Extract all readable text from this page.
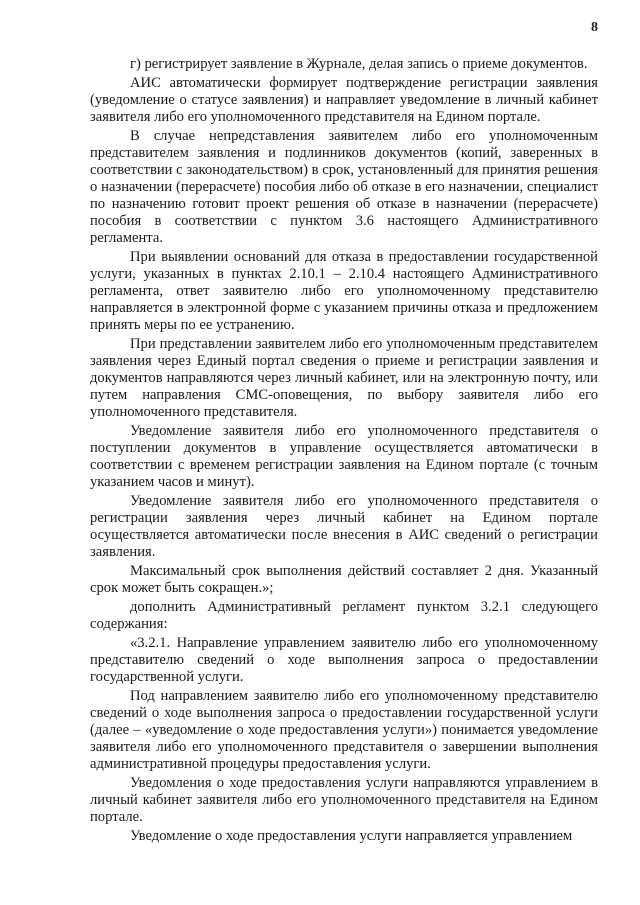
8

г) регистрирует заявление в Журнале, делая запись о приеме документов.

АИС автоматически формирует подтверждение регистрации заявления (уведомление о статусе заявления) и направляет уведомление в личный кабинет заявителя либо его уполномоченного представителя на Едином портале.

В случае непредставления заявителем либо его уполномоченным представителем заявления и подлинников документов (копий, заверенных в соответствии с законодательством) в срок, установленный для принятия решения о назначении (перерасчете) пособия либо об отказе в его назначении, специалист по назначению готовит проект решения об отказе в назначении (перерасчете) пособия в соответствии с пунктом 3.6 настоящего Административного регламента.

При выявлении оснований для отказа в предоставлении государственной услуги, указанных в пунктах 2.10.1 – 2.10.4 настоящего Административного регламента, ответ заявителю либо его уполномоченному представителю направляется в электронной форме с указанием причины отказа и предложением принять меры по ее устранению.

При представлении заявителем либо его уполномоченным представителем заявления через Единый портал сведения о приеме и регистрации заявления и документов направляются через личный кабинет, или на электронную почту, или путем направления СМС-оповещения, по выбору заявителя либо его уполномоченного представителя.

Уведомление заявителя либо его уполномоченного представителя о поступлении документов в управление осуществляется автоматически в соответствии с временем регистрации заявления на Едином портале (с точным указанием часов и минут).

Уведомление заявителя либо его уполномоченного представителя о регистрации заявления через личный кабинет на Едином портале осуществляется автоматически после внесения в АИС сведений о регистрации заявления.

Максимальный срок выполнения действий составляет 2 дня. Указанный срок может быть сокращен.»;

дополнить Административный регламент пунктом 3.2.1 следующего содержания:

«3.2.1. Направление управлением заявителю либо его уполномоченному представителю сведений о ходе выполнения запроса о предоставлении государственной услуги.

Под направлением заявителю либо его уполномоченному представителю сведений о ходе выполнения запроса о предоставлении государственной услуги (далее – «уведомление о ходе предоставления услуги») понимается уведомление заявителя либо его уполномоченного представителя о завершении выполнения административной процедуры предоставления услуги.

Уведомления о ходе предоставления услуги направляются управлением в личный кабинет заявителя либо его уполномоченного представителя на Едином портале.

Уведомление о ходе предоставления услуги направляется управлением
